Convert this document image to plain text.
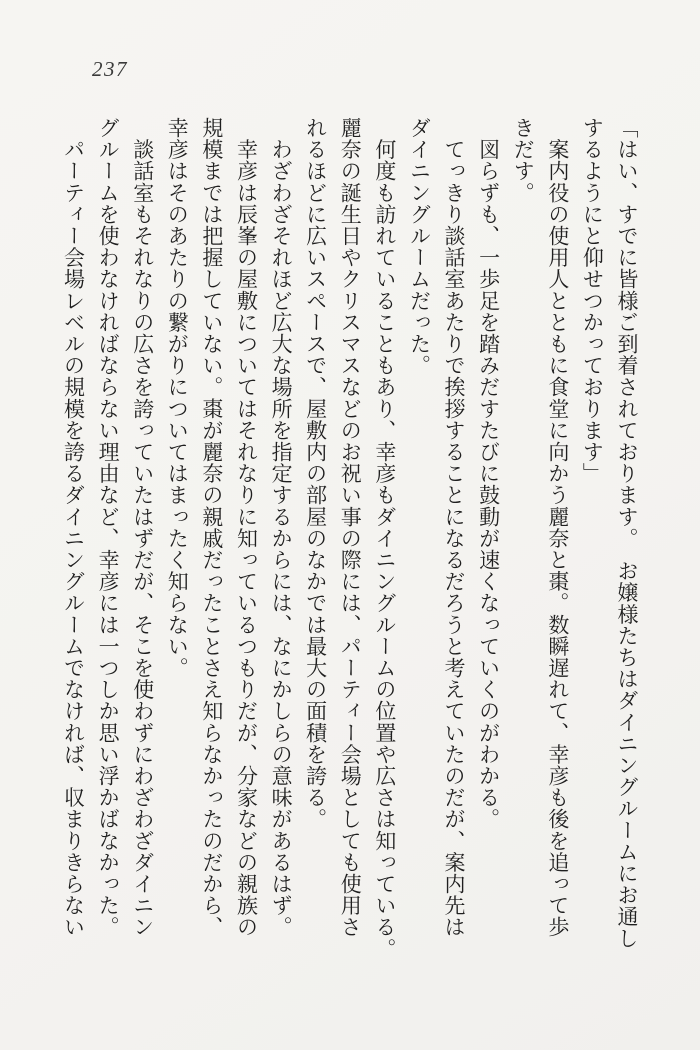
237

「はい、すでに皆様ご到着されております。　お嬢様たちはダイニングルームにお通し

するようにと仰せつかっております」

　案内役の使用人とともに食堂に向かう麗奈と棗。数瞬遅れて、幸彦も後を追って歩

きだす。

　図らずも、一歩足を踏みだすたびに鼓動が速くなっていくのがわかる。

　てっきり談話室あたりで挨拶することになるだろうと考えていたのだが、案内先は

ダイニングルームだった。

　何度も訪れていることもあり、幸彦もダイニングルームの位置や広さは知っている。

麗奈の誕生日やクリスマスなどのお祝い事の際には、パーティー会場としても使用さ

れるほどに広いスペースで、屋敷内の部屋のなかでは最大の面積を誇る。

　わざわざそれほど広大な場所を指定するからには、なにかしらの意味があるはず。

　幸彦は辰峯の屋敷についてはそれなりに知っているつもりだが、分家などの親族の

規模までは把握していない。棗が麗奈の親戚だったことさえ知らなかったのだから、

幸彦はそのあたりの繋がりについてはまったく知らない。

　談話室もそれなりの広さを誇っていたはずだが、そこを使わずにわざわざダイニン

グルームを使わなければならない理由など、幸彦には一つしか思い浮かばなかった。

　パーティー会場レベルの規模を誇るダイニングルームでなければ、収まりきらない
